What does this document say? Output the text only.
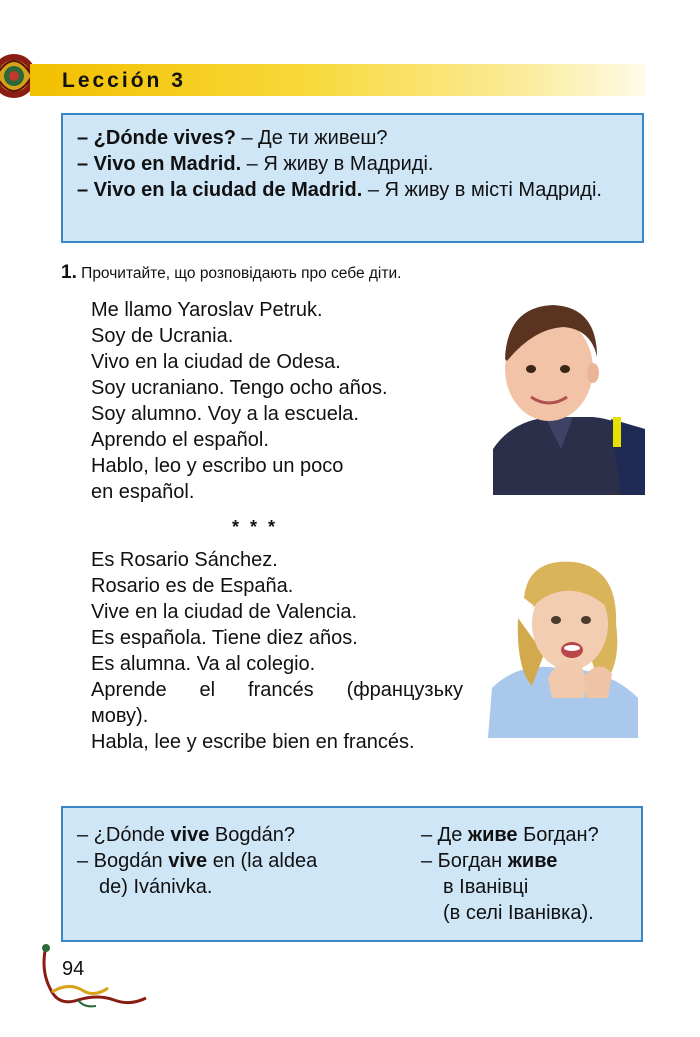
Lección 3

– ¿Dónde vives? – Де ти живеш?

– Vivo en Madrid. – Я живу в Мадриді.

– Vivo en la ciudad de Madrid. – Я живу в місті Мадриді.

1. Прочитайте, що розповідають про себе діти.
Me llamo Yaroslav Petruk.
Soy de Ucrania.
Vivo en la ciudad de Odesa.
Soy ucraniano. Tengo ocho años.
Soy alumno. Voy a la escuela.
Aprendo el español.
Hablo, leo y escribo un poco
en español.
* * *
Es Rosario Sánchez.
Rosario es de España.
Vive en la ciudad de Valencia.
Es española. Tiene diez años.
Es alumna. Va al colegio.
Aprende el francés (французьку
мову).
Habla, lee y escribe bien en francés.
– ¿Dónde vive Bogdán?
– Bogdán vive en (la aldea
de) Ivánivka.
– Де живе Богдан?
– Богдан живе
в Іванівці
(в селі Іванівка).
94
